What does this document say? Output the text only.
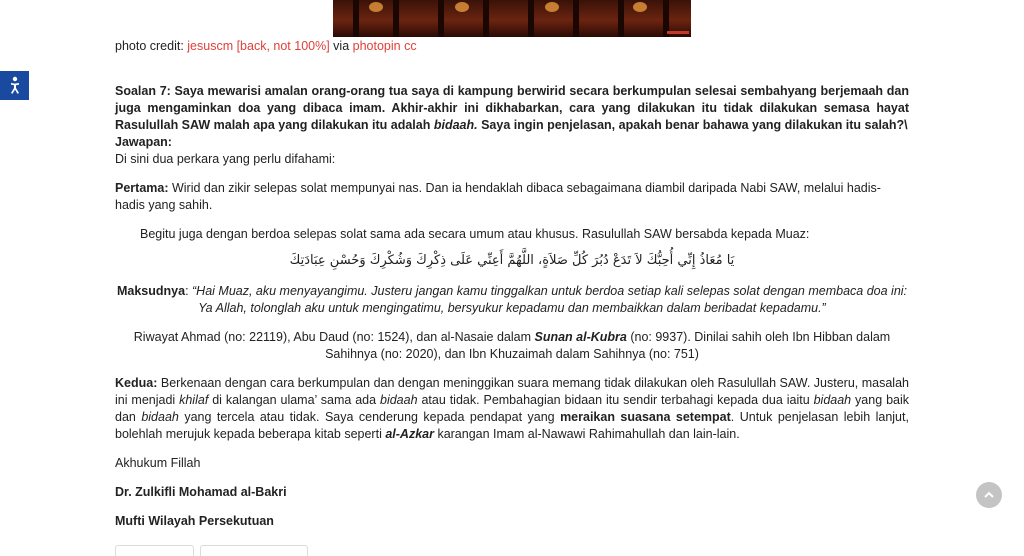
photo credit: jesuscm [back, not 100%] via photopin cc

Soalan 7: Saya mewarisi amalan orang-orang tua saya di kampung berwirid secara berkumpulan selesai sembahyang berjemaah dan juga mengaminkan doa yang dibaca imam. Akhir-akhir ini dikhabarkan, cara yang dilakukan itu tidak dilakukan semasa hayat Rasulullah SAW malah apa yang dilakukan itu adalah bidaah. Saya ingin penjelasan, apakah benar bahawa yang dilakukan itu salah?\

Jawapan:

Di sini dua perkara yang perlu difahami:

Pertama: Wirid dan zikir selepas solat mempunyai nas. Dan ia hendaklah dibaca sebagaimana diambil daripada Nabi SAW, melalui hadis-hadis yang sahih.

Begitu juga dengan berdoa selepas solat sama ada secara umum atau khusus. Rasulullah SAW bersabda kepada Muaz:

يَا مُعَاذُ إِنِّي أُحِبُّكَ لاَ تَدَعْ دُبُرَ كُلِّ صَلاَةٍ، اللَّهُمَّ أَعِنِّي عَلَى ذِكْرِكَ وَشُكْرِكَ وَحُسْنِ عِبَادَتِكَ

Maksudnya: “Hai Muaz, aku menyayangimu. Justeru jangan kamu tinggalkan untuk berdoa setiap kali selepas solat dengan membaca doa ini: Ya Allah, tolonglah aku untuk mengingatimu, bersyukur kepadamu dan membaikkan dalam beribadat kepadamu.”

Riwayat Ahmad (no: 22119), Abu Daud (no: 1524), dan al-Nasaie dalam Sunan al-Kubra (no: 9937). Dinilai sahih oleh Ibn Hibban dalam Sahihnya (no: 2020), dan Ibn Khuzaimah dalam Sahihnya (no: 751)

Kedua: Berkenaan dengan cara berkumpulan dan dengan meninggikan suara memang tidak dilakukan oleh Rasulullah SAW. Justeru, masalah ini menjadi khilaf di kalangan ulama’ sama ada bidaah atau tidak. Pembahagian bidaan itu sendir terbahagi kepada dua iaitu bidaah yang baik dan bidaah yang tercela atau tidak. Saya cenderung kepada pendapat yang meraikan suasana setempat. Untuk penjelasan lebih lanjut, bolehlah merujuk kepada beberapa kitab seperti al-Azkar karangan Imam al-Nawawi Rahimahullah dan lain-lain.

Akhukum Fillah

Dr. Zulkifli Mohamad al-Bakri

Mufti Wilayah Persekutuan
